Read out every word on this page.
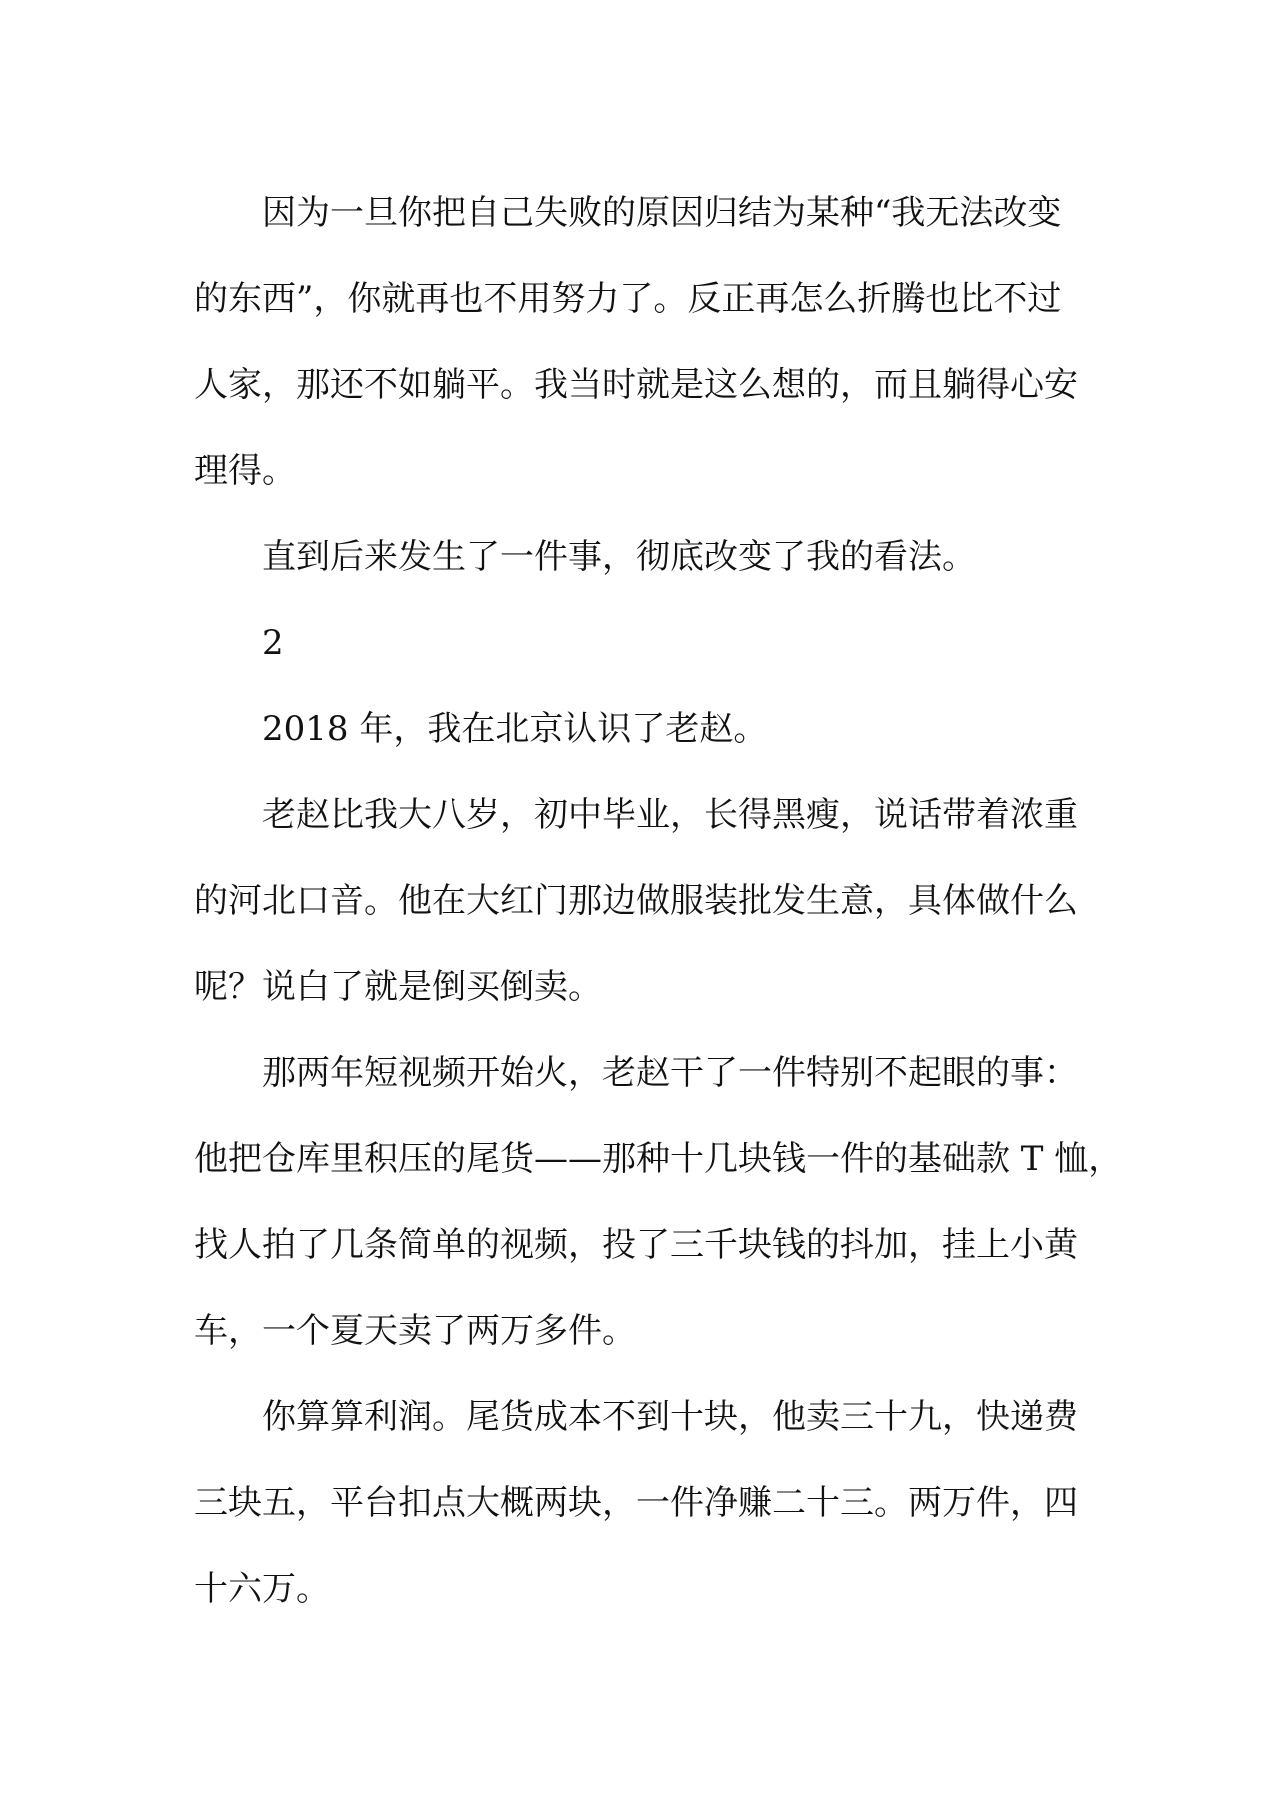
因为一旦你把自己失败的原因归结为某种“我无法改变
的东西”，你就再也不用努力了。反正再怎么折腾也比不过
人家，那还不如躺平。我当时就是这么想的，而且躺得心安
理得。
直到后来发生了一件事，彻底改变了我的看法。
2
2018 年，我在北京认识了老赵。
老赵比我大八岁，初中毕业，长得黑瘦，说话带着浓重
的河北口音。他在大红门那边做服装批发生意，具体做什么
呢？说白了就是倒买倒卖。
那两年短视频开始火，老赵干了一件特别不起眼的事：
他把仓库里积压的尾货——那种十几块钱一件的基础款 T 恤，
找人拍了几条简单的视频，投了三千块钱的抖加，挂上小黄
车，一个夏天卖了两万多件。
你算算利润。尾货成本不到十块，他卖三十九，快递费
三块五，平台扣点大概两块，一件净赚二十三。两万件，四
十六万。
